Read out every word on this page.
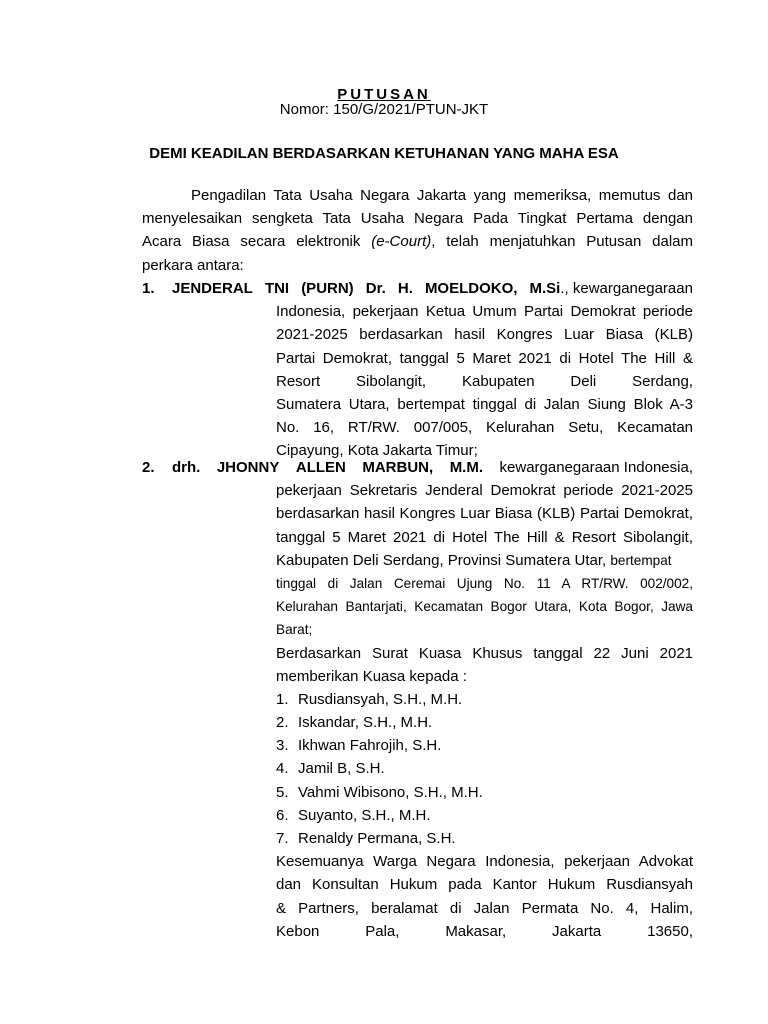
PUTUSAN
Nomor: 150/G/2021/PTUN-JKT
DEMI KEADILAN BERDASARKAN KETUHANAN YANG MAHA ESA
Pengadilan Tata Usaha Negara Jakarta yang memeriksa, memutus dan
menyelesaikan sengketa Tata Usaha Negara Pada Tingkat Pertama dengan
Acara Biasa secara elektronik (e-Court), telah menjatuhkan Putusan dalam
perkara antara:
1.	JENDERAL TNI (PURN) Dr. H. MOELDOKO, M.Si., kewarganegaraan
Indonesia, pekerjaan Ketua Umum Partai Demokrat periode
2021-2025 berdasarkan hasil Kongres Luar Biasa (KLB)
Partai Demokrat, tanggal 5 Maret 2021 di Hotel The Hill &
Resort Sibolangit, Kabupaten Deli Serdang,
Sumatera Utara, bertempat tinggal di Jalan Siung Blok A-3
No. 16, RT/RW. 007/005, Kelurahan Setu, Kecamatan
Cipayung, Kota Jakarta Timur;
2.	drh. JHONNY ALLEN MARBUN, M.M. kewarganegaraan Indonesia,
pekerjaan Sekretaris Jenderal Demokrat periode 2021-2025
berdasarkan hasil Kongres Luar Biasa (KLB) Partai Demokrat,
tanggal 5 Maret 2021 di Hotel The Hill & Resort Sibolangit,
Kabupaten Deli Serdang, Provinsi Sumatera Utar, bertempat
tinggal di Jalan Ceremai Ujung No. 11 A RT/RW. 002/002,
Kelurahan Bantarjati, Kecamatan Bogor Utara, Kota Bogor, Jawa
Barat;
Berdasarkan Surat Kuasa Khusus tanggal 22 Juni 2021
memberikan Kuasa kepada :
1. Rusdiansyah, S.H., M.H.
2. Iskandar, S.H., M.H.
3. Ikhwan Fahrojih, S.H.
4. Jamil B, S.H.
5. Vahmi Wibisono, S.H., M.H.
6. Suyanto, S.H., M.H.
7. Renaldy Permana, S.H.
Kesemuanya Warga Negara Indonesia, pekerjaan Advokat
dan Konsultan Hukum pada Kantor Hukum Rusdiansyah
& Partners, beralamat di Jalan Permata No. 4, Halim,
Kebon Pala, Makasar, Jakarta 13650,
